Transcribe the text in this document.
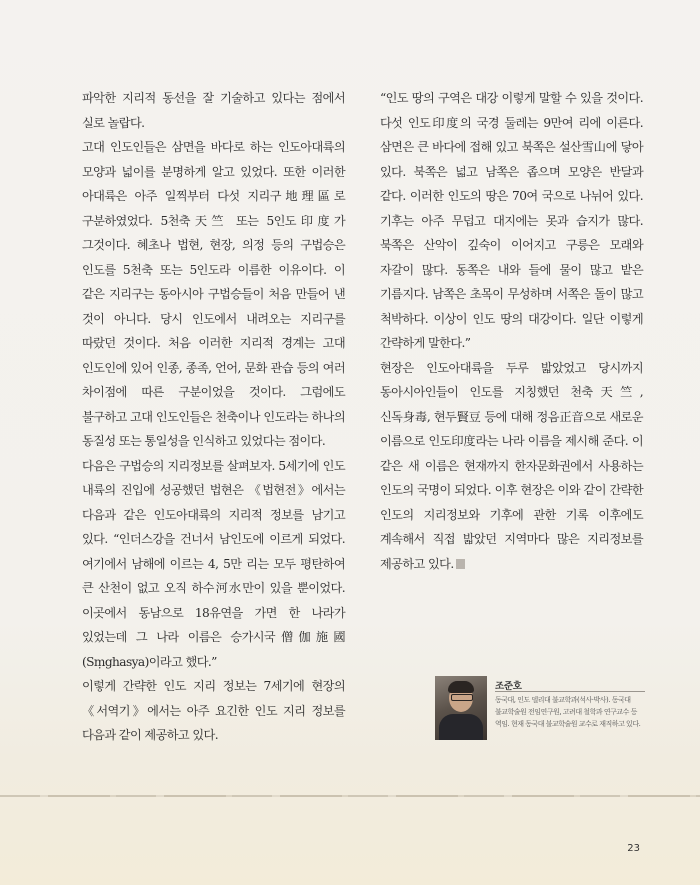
파악한 지리적 동선을 잘 기술하고 있다는 점에서 실로 놀랍다.

고대 인도인들은 삼면을 바다로 하는 인도아대륙의 모양과 넓이를 분명하게 알고 있었다. 또한 이러한 아대륙은 아주 일찍부터 다섯 지리구地理區로 구분하였었다. 5천축天竺 또는 5인도印度가 그것이다. 혜초나 법현, 현장, 의정 등의 구법승은 인도를 5천축 또는 5인도라 이름한 이유이다. 이 같은 지리구는 동아시아 구법승들이 처음 만들어 낸 것이 아니다. 당시 인도에서 내려오는 지리구를 따랐던 것이다. 처음 이러한 지리적 경계는 고대 인도인에 있어 인종, 종족, 언어, 문화 관습 등의 여러 차이점에 따른 구분이었을 것이다. 그럼에도 불구하고 고대 인도인들은 천축이나 인도라는 하나의 동질성 또는 통일성을 인식하고 있었다는 점이다.

다음은 구법승의 지리정보를 살펴보자. 5세기에 인도 내륙의 진입에 성공했던 법현은 《법현전》에서는 다음과 같은 인도아대륙의 지리적 정보를 남기고 있다. “인더스강을 건너서 남인도에 이르게 되었다. 여기에서 남해에 이르는 4, 5만 리는 모두 평탄하여 큰 산천이 없고 오직 하수河水만이 있을 뿐이었다. 이곳에서 동남으로 18유연을 가면 한 나라가 있었는데 그 나라 이름은 승가시국僧伽施國(Sṃghasya)이라고 했다.”

이렇게 간략한 인도 지리 정보는 7세기에 현장의 《서역기》에서는 아주 요긴한 인도 지리 정보를 다음과 같이 제공하고 있다.

“인도 땅의 구역은 대강 이렇게 말할 수 있을 것이다. 다섯 인도印度의 국경 둘레는 9만여 리에 이른다. 삼면은 큰 바다에 접해 있고 북쪽은 설산雪山에 닿아 있다. 북쪽은 넓고 남쪽은 좁으며 모양은 반달과 같다. 이러한 인도의 땅은 70여 국으로 나뉘어 있다. 기후는 아주 무덥고 대지에는 못과 습지가 많다. 북쪽은 산악이 깊숙이 이어지고 구릉은 모래와 자갈이 많다. 동쪽은 내와 들에 물이 많고 밭은 기름지다. 남쪽은 초목이 무성하며 서쪽은 돌이 많고 척박하다. 이상이 인도 땅의 대강이다. 일단 이렇게 간략하게 말한다.”

현장은 인도아대륙을 두루 밟았었고 당시까지 동아시아인들이 인도를 지칭했던 천축天竺, 신독身毒, 현두賢豆 등에 대해 정음正音으로 새로운 이름으로 인도印度라는 나라 이름을 제시해 준다. 이 같은 새 이름은 현재까지 한자문화권에서 사용하는 인도의 국명이 되었다. 이후 현장은 이와 같이 간략한 인도의 지리정보와 기후에 관한 기록 이후에도 계속해서 직접 밟았던 지역마다 많은 지리정보를 제공하고 있다.

조준호
동국대, 인도 델리대 불교학과(석사·박사). 동국대 불교학술원 전임연구원, 고려대 철학과 연구교수 등 역임. 현재 동국대 불교학술원 교수로 재직하고 있다.
23
